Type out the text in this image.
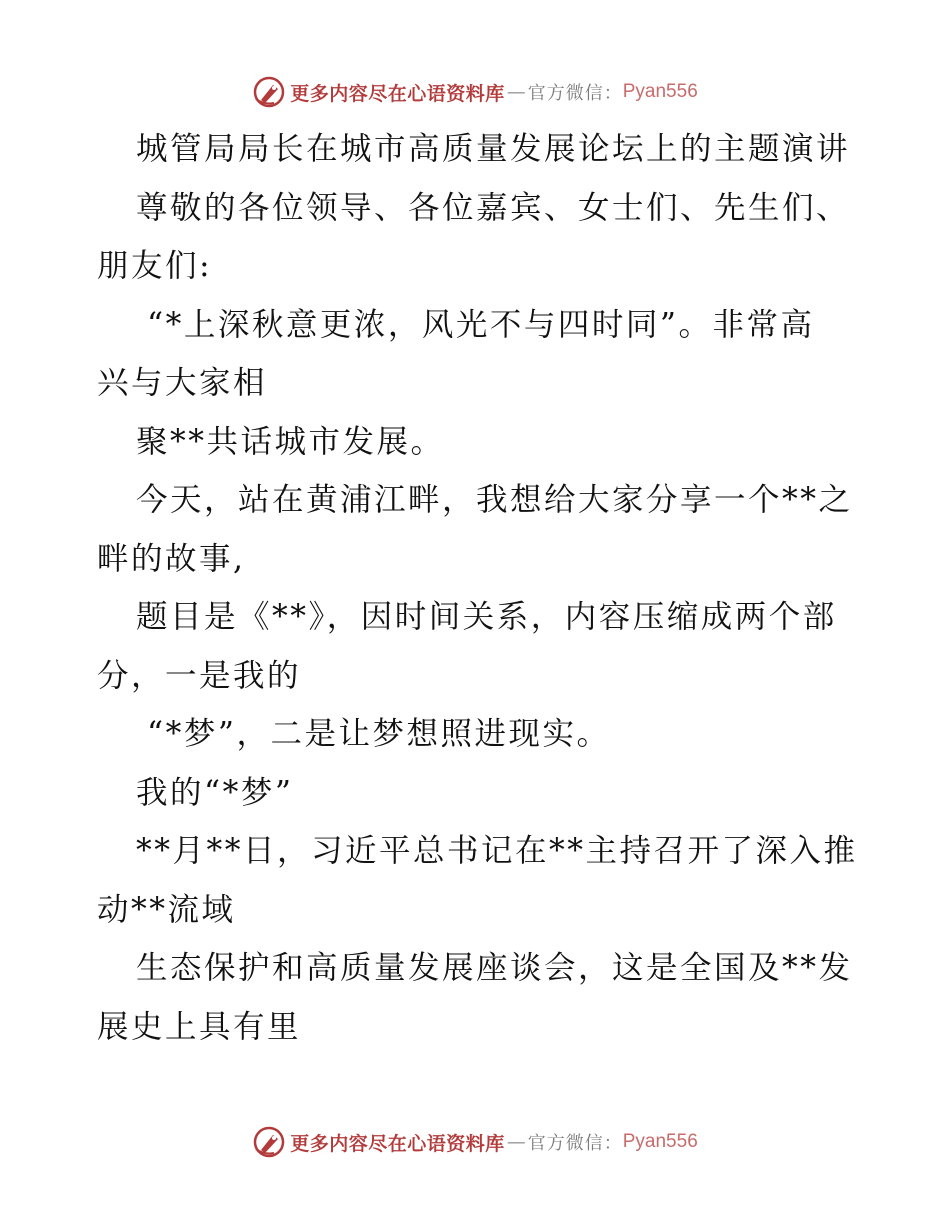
更多内容尽在心语资料库 — 官方微信： Pyan556
城管局局长在城市高质量发展论坛上的主题演讲
尊敬的各位领导、各位嘉宾、女士们、先生们、
朋友们:
“*上深秋意更浓，风光不与四时同”。非常高
兴与大家相
聚**共话城市发展。
今天，站在黄浦江畔，我想给大家分享一个**之
畔的故事,
题目是《**》，因时间关系，内容压缩成两个部
分，一是我的
“*梦”，二是让梦想照进现实。
我的“*梦”
**月**日，习近平总书记在**主持召开了深入推
动**流域
生态保护和高质量发展座谈会，这是全国及**发
展史上具有里
更多内容尽在心语资料库 — 官方微信： Pyan556
